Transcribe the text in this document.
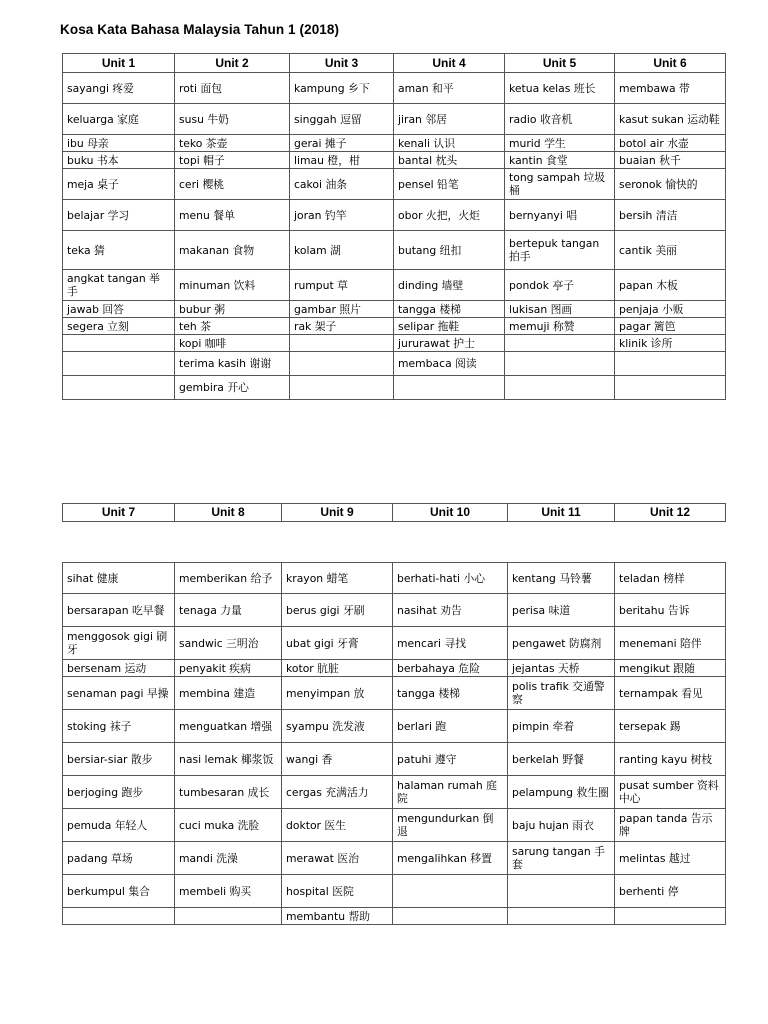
Kosa Kata Bahasa Malaysia Tahun 1 (2018)
Unit 1	Unit 2	Unit 3	Unit 4	Unit 5	Unit 6
sayangi 疼爱	roti 面包	kampung 乡下	aman 和平	ketua kelas 班长	membawa 带
keluarga 家庭	susu 牛奶	singgah 逗留	jiran 邻居	radio 收音机	kasut sukan 运动鞋
ibu 母亲	teko 茶壶	gerai 摊子	kenali 认识	murid 学生	botol air 水壶
buku 书本	topi 帽子	limau 橙，柑	bantal 枕头	kantin 食堂	buaian 秋千
meja 桌子	ceri 樱桃	cakoi 油条	pensel 铅笔	tong sampah 垃圾桶	seronok 愉快的
belajar 学习	menu 餐单	joran 钓竿	obor 火把，火炬	bernyanyi 唱	bersih 清洁
teka 猜	makanan 食物	kolam 湖	butang 纽扣	bertepuk tangan 拍手	cantik 美丽
angkat tangan 举手	minuman 饮料	rumput 草	dinding 墙壁	pondok 亭子	papan 木板
jawab 回答	bubur 粥	gambar 照片	tangga 楼梯	lukisan 图画	penjaja 小贩
segera 立刻	teh 茶	rak 架子	selipar 拖鞋	memuji 称赞	pagar 篱笆
	kopi 咖啡		jururawat 护士		klinik 诊所
	terima kasih 谢谢		membaca 阅读		
	gembira 开心				
Unit 7	Unit 8	Unit 9	Unit 10	Unit 11	Unit 12
sihat 健康	memberikan 给予	krayon 蜡笔	berhati-hati 小心	kentang 马铃薯	teladan 榜样
bersarapan 吃早餐	tenaga 力量	berus gigi 牙刷	nasihat 劝告	perisa 味道	beritahu 告诉
menggosok gigi 刷牙	sandwic 三明治	ubat gigi 牙膏	mencari 寻找	pengawet 防腐剂	menemani 陪伴
bersenam 运动	penyakit 疾病	kotor 肮脏	berbahaya 危险	jejantas 天桥	mengikut 跟随
senaman pagi 早操	membina 建造	menyimpan 放	tangga 楼梯	polis trafik 交通警察	ternampak 看见
stoking 袜子	menguatkan 增强	syampu 洗发液	berlari 跑	pimpin 牵着	tersepak 踢
bersiar-siar 散步	nasi lemak 椰浆饭	wangi 香	patuhi 遵守	berkelah 野餐	ranting kayu 树枝
berjoging 跑步	tumbesaran 成长	cergas 充满活力	halaman rumah 庭院	pelampung 救生圈	pusat sumber 资料中心
pemuda 年轻人	cuci muka 洗脸	doktor 医生	mengundurkan 倒退	baju hujan 雨衣	papan tanda 告示牌
padang 草场	mandi 洗澡	merawat 医治	mengalihkan 移置	sarung tangan 手套	melintas 越过
berkumpul 集合	membeli 购买	hospital 医院			berhenti 停
		membantu 帮助			
